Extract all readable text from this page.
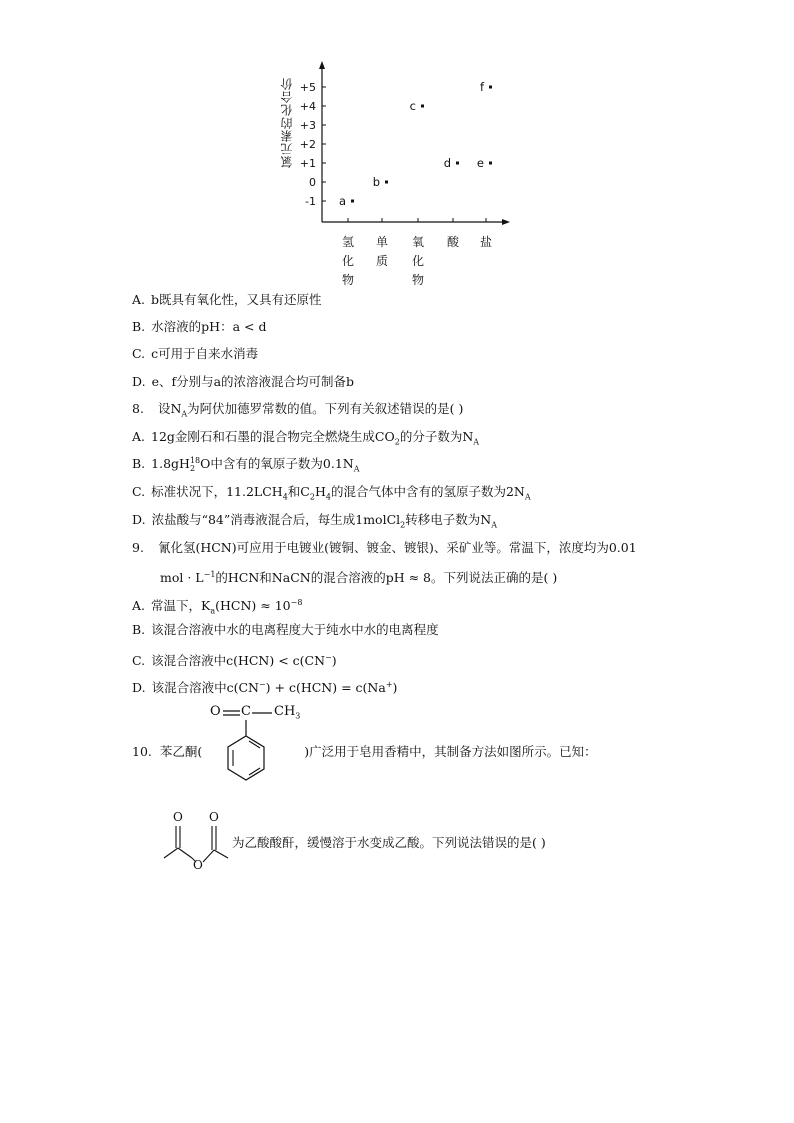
氯元素的化合价
-1
0
+1
+2
+3
+4
+5
a
b
c
d e
f
氢
化
物
单
质
氧
化
物
酸 盐
A. b既具有氧化性，又具有还原性
B. 水溶液的pH：a < d
C. c可用于自来水消毒
D. e、f分别与a的浓溶液混合均可制备b
8. 设$N_A$为阿伏加德罗常数的值。下列有关叙述错误的是( )
A. 12g金刚石和石墨的混合物完全燃烧生成$CO_2$的分子数为$N_A$
B. 1.8gH 18
2 O中含有的氧原子数为$0.1N_A$
C. 标准状况下，$11.2LCH_4$和$C_2H_4$的混合气体中含有的氢原子数为$2N_A$
D. 浓盐酸与“84”消毒液混合后，每生成1molCl$_2$转移电子数为$N_A$
9. 氰化氢(HCN)可应用于电镀业(镀铜、镀金、镀银)、采矿业等。常温下，浓度均为0.01
mol · $L^{-1}$的HCN和NaCN的混合溶液的pH ≈ 8。下列说法正确的是( )
A. 常温下，$K_a(HCN) \approx 10^{-8}$
B. 该混合溶液中水的电离程度大于纯水中水的电离程度
C. 该混合溶液中c(HCN) < c(CN−)
D. 该混合溶液中c(CN−) + c(HCN) = c(Na+)
10. 苯乙酮(	)广泛用于皂用香精中，其制备方法如图所示。已知：
O C $CH_3$
O O
O
为乙酸酸酐，缓慢溶于水变成乙酸。下列说法错误的是( )
